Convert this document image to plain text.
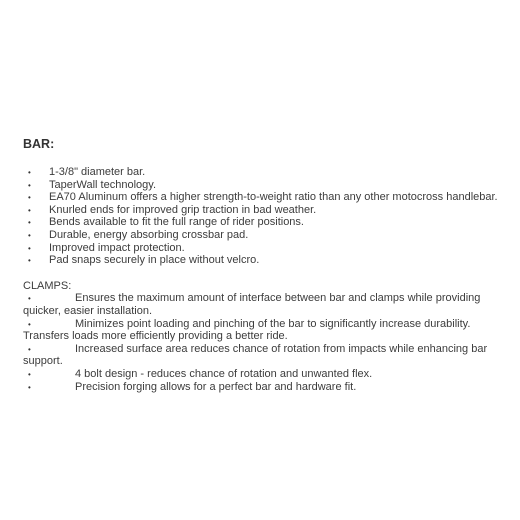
BAR:
• 1-3/8" diameter bar.
• TaperWall technology.
• EA70 Aluminum offers a higher strength-to-weight ratio than any other motocross handlebar.
• Knurled ends for improved grip traction in bad weather.
• Bends available to fit the full range of rider positions.
• Durable, energy absorbing crossbar pad.
• Improved impact protection.
• Pad snaps securely in place without velcro.
CLAMPS:
•	Ensures the maximum amount of interface between bar and clamps while providing quicker, easier installation.
•	Minimizes point loading and pinching of the bar to significantly increase durability. Transfers loads more efficiently providing a better ride.
•	Increased surface area reduces chance of rotation from impacts while enhancing bar support.
•	4 bolt design - reduces chance of rotation and unwanted flex.
•	Precision forging allows for a perfect bar and hardware fit.
